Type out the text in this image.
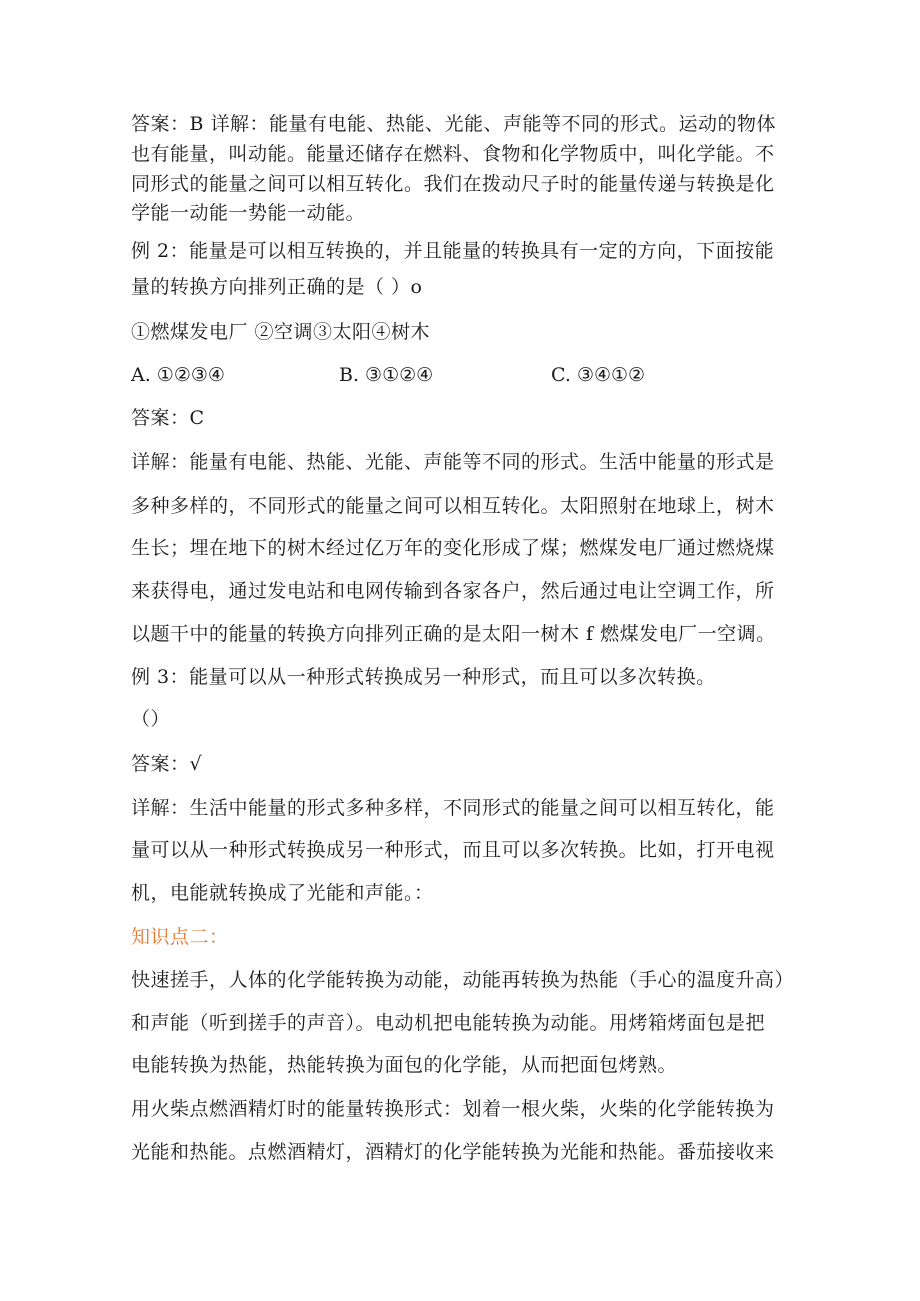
答案：B 详解：能量有电能、热能、光能、声能等不同的形式。运动的物体
也有能量，叫动能。能量还储存在燃料、食物和化学物质中，叫化学能。不
同形式的能量之间可以相互转化。我们在拨动尺子时的能量传递与转换是化
学能一动能一势能一动能。
例 2：能量是可以相互转换的，并且能量的转换具有一定的方向，下面按能
量的转换方向排列正确的是（ ）o
①燃煤发电厂 ②空调③太阳④树木
A. ①②③④	B. ③①②④	C. ③④①②
答案：C
详解：能量有电能、热能、光能、声能等不同的形式。生活中能量的形式是
多种多样的，不同形式的能量之间可以相互转化。太阳照射在地球上，树木
生长；埋在地下的树木经过亿万年的变化形成了煤；燃煤发电厂通过燃烧煤
来获得电，通过发电站和电网传输到各家各户，然后通过电让空调工作，所
以题干中的能量的转换方向排列正确的是太阳一树木 f 燃煤发电厂一空调。
例 3：能量可以从一种形式转换成另一种形式，而且可以多次转换。
（）
答案：√
详解：生活中能量的形式多种多样，不同形式的能量之间可以相互转化，能
量可以从一种形式转换成另一种形式，而且可以多次转换。比如，打开电视
机，电能就转换成了光能和声能。：
知识点二：
快速搓手，人体的化学能转换为动能，动能再转换为热能（手心的温度升高）
和声能（听到搓手的声音）。电动机把电能转换为动能。用烤箱烤面包是把
电能转换为热能，热能转换为面包的化学能，从而把面包烤熟。
用火柴点燃酒精灯时的能量转换形式：划着一根火柴，火柴的化学能转换为
光能和热能。点燃酒精灯，酒精灯的化学能转换为光能和热能。番茄接收来
